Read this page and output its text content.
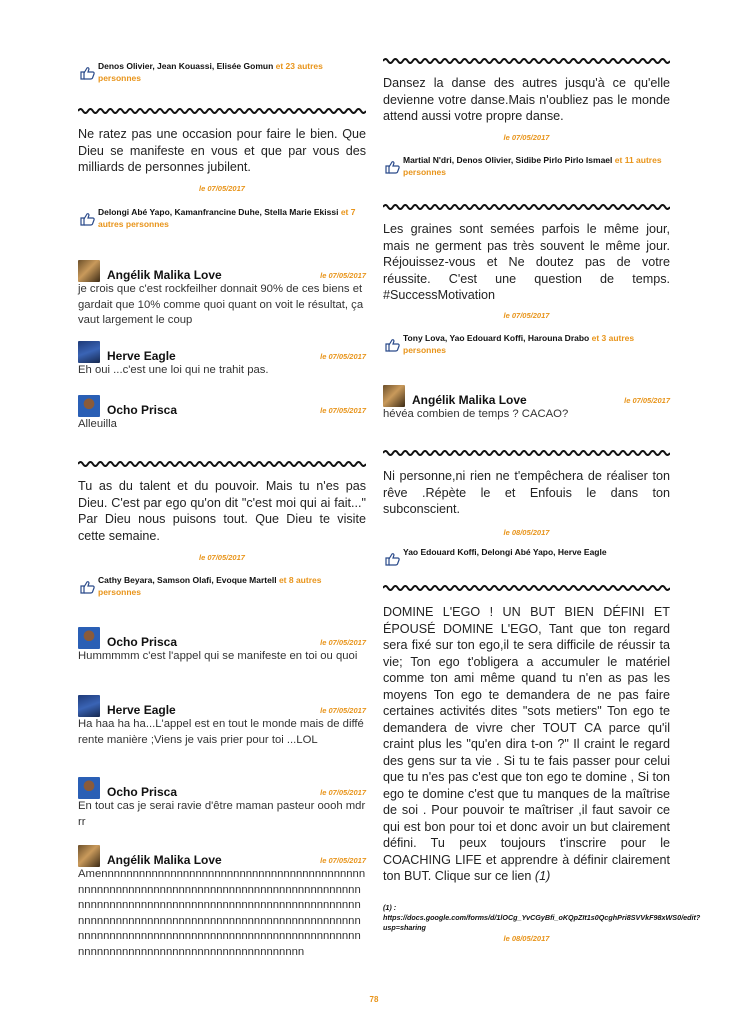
Denos Olivier, Jean Kouassi, Elisée Gomun et 23 autres personnes
Ne ratez pas une occasion pour faire le bien. Que Dieu se manifeste en vous et que par vous des milliards de personnes jubilent.
le 07/05/2017
Delongi Abé Yapo, Kamanfrancine Duhe, Stella Marie Ekissi et 7 autres personnes
Angélik Malika Love	le 07/05/2017
je crois que c'est rockfeilher donnait 90% de ces biens et gardait que 10% comme quoi quant on voit le résultat, ça vaut largement le coup
Herve Eagle	le 07/05/2017
Eh oui ...c'est une loi qui ne trahit pas.
Ocho Prisca	le 07/05/2017
Alleuilla
Tu as du talent et du pouvoir. Mais tu n'es pas Dieu. C'est par ego qu'on dit "c'est moi qui ai fait..." Par Dieu nous puisons tout. Que Dieu te visite cette semaine.
le 07/05/2017
Cathy Beyara, Samson Olafi, Evoque Martell et 8 autres personnes
Ocho Prisca	le 07/05/2017
Hummmmm c'est l'appel qui se manifeste en toi ou quoi
Herve Eagle	le 07/05/2017
Ha haa ha ha...L'appel est en tout le monde mais de différente manière ;Viens je vais prier pour toi ...LOL
Ocho Prisca	le 07/05/2017
En tout cas je serai ravie d'être maman pasteur oooh mdrrr
Angélik Malika Love	le 07/05/2017
Amennnnnnnnnnnnnnnnnnnnnnnnnnnnnnnnnnnnnnnnnnnnnnnnnnnnnnnnnnnnnnnnnnnnnnnnnnnnnnnnnnnnnnnnnnnnnnnnnnnnnnnnnnnnnnnnnnnnnnnnnnnnnnnnnnnnnnnnnnnnnnnnnnnnnnnnnnnnnnnnnnnnnnnnnnnnnnnnnnnnnnnnnnnnnnnnnnnnnnnnnnnnnnnnnnnnnnnnnnnnnnnnnnnnnnnnnnnnnnnnnnnnnnnnnnnnnnnnnn
Dansez la danse des autres jusqu'à ce qu'elle devienne votre danse.Mais n'oubliez pas le monde attend aussi votre propre danse.
le 07/05/2017
Martial N'dri, Denos Olivier, Sidibe Pirlo Pirlo Ismael et 11 autres personnes
Les graines sont semées parfois le même jour, mais ne germent pas très souvent le même jour. Réjouissez-vous et Ne doutez pas de votre réussite. C'est une question de temps. #SuccessMotivation
le 07/05/2017
Tony Lova, Yao Edouard Koffi, Harouna Drabo et 3 autres personnes
Angélik Malika Love	le 07/05/2017
hévéa combien de temps ? CACAO?
Ni personne,ni rien ne t'empêchera de réaliser ton rêve .Répète le et Enfouis le dans ton subconscient.
le 08/05/2017
Yao Edouard Koffi, Delongi Abé Yapo, Herve Eagle
DOMINE L'EGO ! UN BUT BIEN DÉFINI ET ÉPOUSÉ DOMINE L'EGO, Tant que ton regard sera fixé sur ton ego,il te sera difficile de réussir ta vie; Ton ego t'obligera a accumuler le matériel comme ton ami même quand tu n'en as pas les moyens Ton ego te demandera de ne pas faire certaines activités dites "sots metiers" Ton ego te demandera de vivre cher TOUT CA parce qu'il craint plus les "qu'en dira t-on ?" Il craint le regard des gens sur ta vie . Si tu te fais passer pour celui que tu n'es pas c'est que ton ego te domine , Si ton ego te domine c'est que tu manques de la maîtrise de soi . Pour pouvoir te maîtriser ,il faut savoir ce qui est bon pour toi et donc avoir un but clairement défini. Tu peux toujours t'inscrire pour le COACHING LIFE et apprendre à définir clairement ton BUT. Clique sur ce lien (1)
(1) : https://docs.google.com/forms/d/1lOCg_YvCGyBfi_oKQpZIt1s0QcghPri8SVVkF98xWS0/edit?usp=sharing
le 08/05/2017
78
